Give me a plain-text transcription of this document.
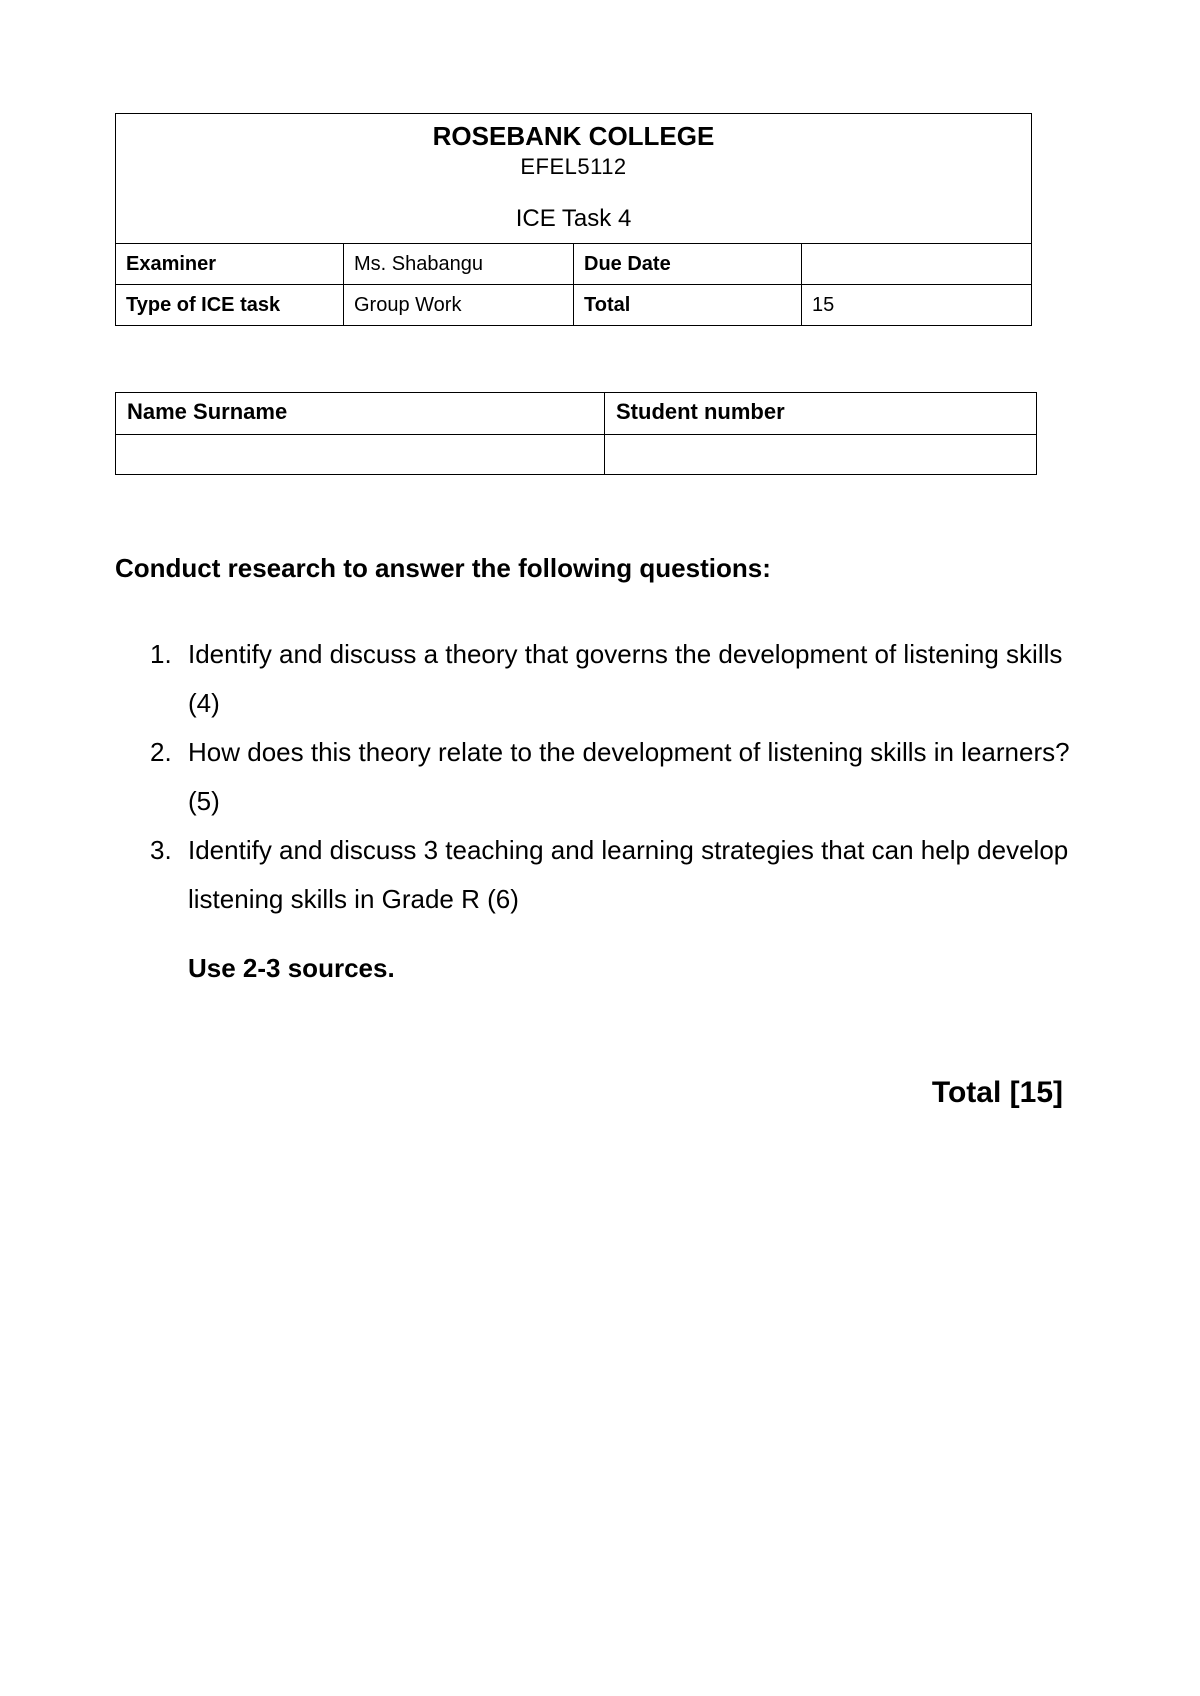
ROSEBANK COLLEGE
EFEL5112
ICE Task 4			

Examiner	Ms. Shabangu	Due Date	
Type of ICE task	Group Work	Total	15
Name Surname	Student number

Conduct research to answer the following questions:

1. Identify and discuss a theory that governs the development of listening skills (4)
2. How does this theory relate to the development of listening skills in learners? (5)
3. Identify and discuss 3 teaching and learning strategies that can help develop listening skills in Grade R (6)

Use 2-3 sources.

Total [15]
